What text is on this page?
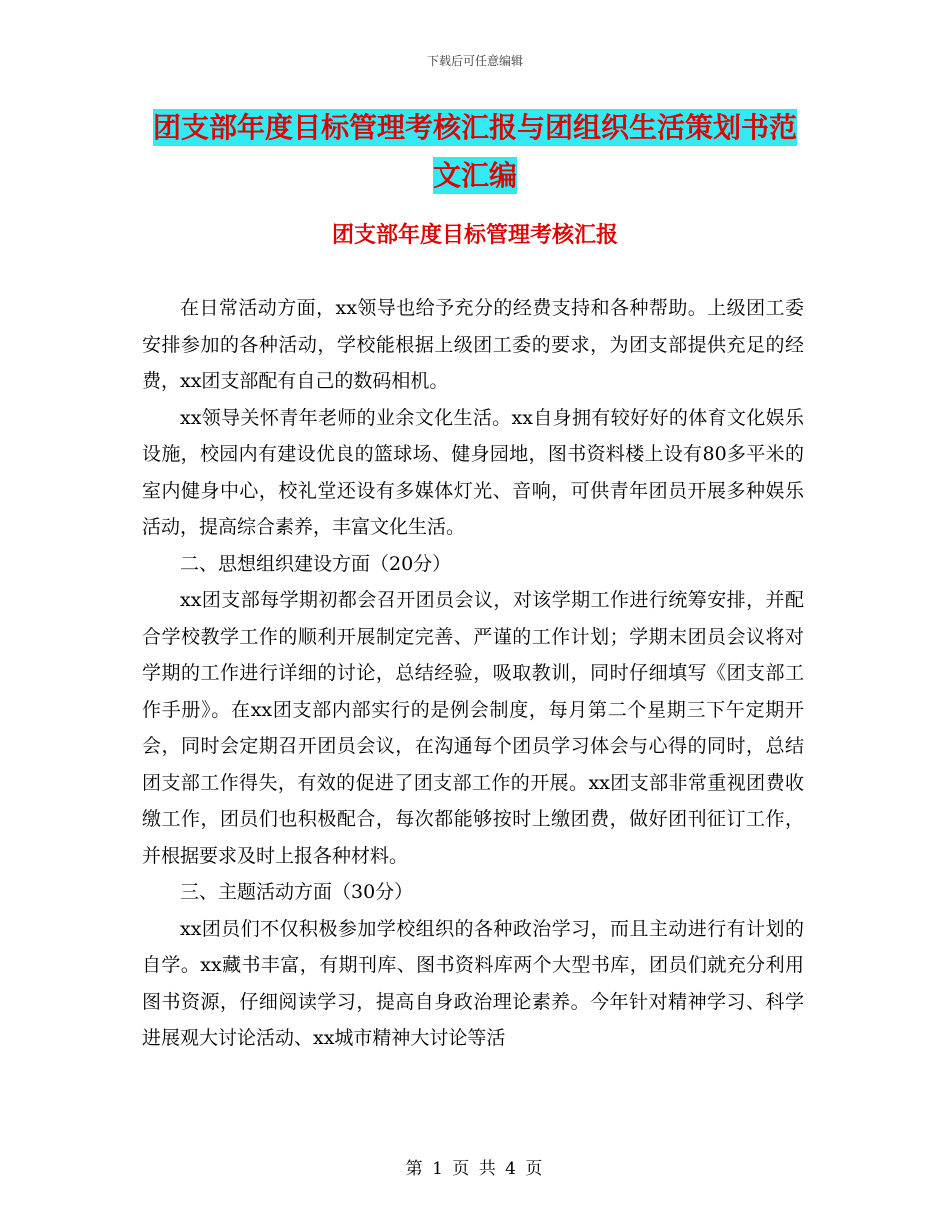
下载后可任意编辑
团支部年度目标管理考核汇报与团组织生活策划书范
文汇编
团支部年度目标管理考核汇报

在日常活动方面，xx领导也给予充分的经费支持和各种帮助。上级团工委安排参加的各种活动，学校能根据上级团工委的要求，为团支部提供充足的经费，xx团支部配有自己的数码相机。

xx领导关怀青年老师的业余文化生活。xx自身拥有较好好的体育文化娱乐设施，校园内有建设优良的篮球场、健身园地，图书资料楼上设有80多平米的室内健身中心，校礼堂还设有多媒体灯光、音响，可供青年团员开展多种娱乐活动，提高综合素养，丰富文化生活。

二、思想组织建设方面（20分）

xx团支部每学期初都会召开团员会议，对该学期工作进行统筹安排，并配合学校教学工作的顺利开展制定完善、严谨的工作计划；学期末团员会议将对学期的工作进行详细的讨论，总结经验，吸取教训，同时仔细填写《团支部工作手册》。在xx团支部内部实行的是例会制度，每月第二个星期三下午定期开会，同时会定期召开团员会议，在沟通每个团员学习体会与心得的同时，总结团支部工作得失，有效的促进了团支部工作的开展。xx团支部非常重视团费收缴工作，团员们也积极配合，每次都能够按时上缴团费，做好团刊征订工作，并根据要求及时上报各种材料。

三、主题活动方面（30分）

xx团员们不仅积极参加学校组织的各种政治学习，而且主动进行有计划的自学。xx藏书丰富，有期刊库、图书资料库两个大型书库，团员们就充分利用图书资源，仔细阅读学习，提高自身政治理论素养。今年针对精神学习、科学进展观大讨论活动、xx城市精神大讨论等活

第 1 页 共 4 页
